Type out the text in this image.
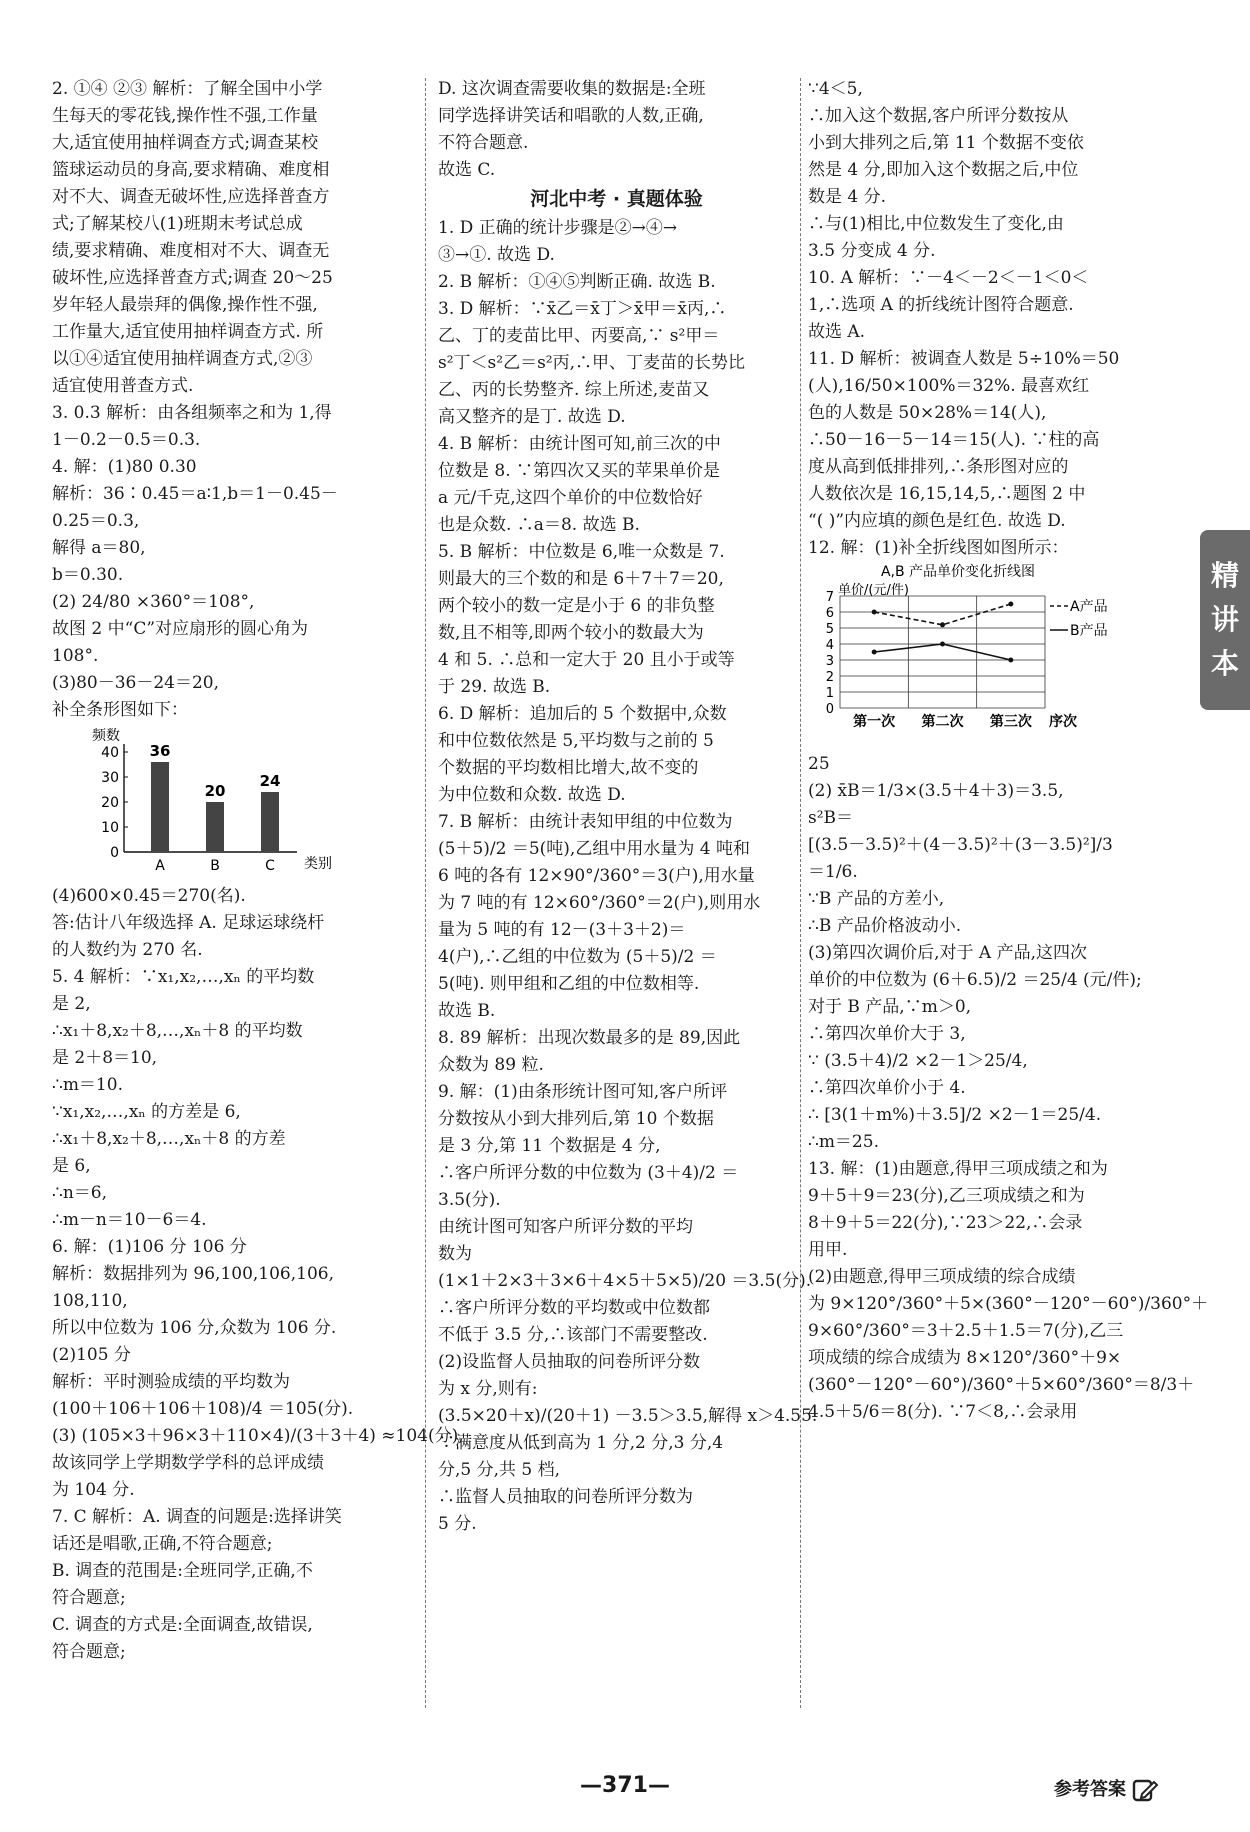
2. ①④ ②③ 解析：了解全国中小学

生每天的零花钱,操作性不强,工作量

大,适宜使用抽样调查方式;调查某校

篮球运动员的身高,要求精确、难度相

对不大、调查无破坏性,应选择普查方

式;了解某校八(1)班期末考试总成

绩,要求精确、难度相对不大、调查无

破坏性,应选择普查方式;调查 20～25

岁年轻人最崇拜的偶像,操作性不强,

工作量大,适宜使用抽样调查方式. 所

以①④适宜使用抽样调查方式,②③

适宜使用普查方式.

3. 0.3 解析：由各组频率之和为 1,得

1－0.2－0.5＝0.3.

4. 解：(1)80 0.30

解析：36∶0.45＝a∶1,b＝1－0.45－

0.25＝0.3,

解得 a＝80,

b＝0.30.

(2) 24/80 ×360°＝108°,

故图 2 中“C”对应扇形的圆心角为

108°.

(3)80－36－24＝20,

补全条形图如下：

频数
0
10
20
30
40 36
A
20
B
24
C 类别

(4)600×0.45＝270(名).

答:估计八年级选择 A. 足球运球绕杆

的人数约为 270 名.

5. 4 解析：∵x₁,x₂,…,xₙ 的平均数

是 2,

∴x₁＋8,x₂＋8,…,xₙ＋8 的平均数

是 2＋8＝10,

∴m＝10.

∵x₁,x₂,…,xₙ 的方差是 6,

∴x₁＋8,x₂＋8,…,xₙ＋8 的方差

是 6,

∴n＝6,

∴m－n＝10－6＝4.

6. 解：(1)106 分 106 分

解析：数据排列为 96,100,106,106,

108,110,

所以中位数为 106 分,众数为 106 分.

(2)105 分

解析：平时测验成绩的平均数为

(100＋106＋106＋108)/4 ＝105(分).

(3) (105×3＋96×3＋110×4)/(3＋3＋4) ≈104(分),

故该同学上学期数学学科的总评成绩

为 104 分.

7. C 解析：A. 调查的问题是:选择讲笑

话还是唱歌,正确,不符合题意;

B. 调查的范围是:全班同学,正确,不

符合题意;

C. 调查的方式是:全面调查,故错误,

符合题意;

D. 这次调查需要收集的数据是:全班

同学选择讲笑话和唱歌的人数,正确,

不符合题意.

故选 C.

河北中考 · 真题体验

1. D 正确的统计步骤是②→④→

③→①. 故选 D.

2. B 解析：①④⑤判断正确. 故选 B.

3. D 解析：∵x̄乙＝x̄丁＞x̄甲＝x̄丙,∴

乙、丁的麦苗比甲、丙要高,∵ s²甲＝

s²丁＜s²乙＝s²丙,∴甲、丁麦苗的长势比

乙、丙的长势整齐. 综上所述,麦苗又

高又整齐的是丁. 故选 D.

4. B 解析：由统计图可知,前三次的中

位数是 8. ∵第四次又买的苹果单价是

a 元/千克,这四个单价的中位数恰好

也是众数. ∴a＝8. 故选 B.

5. B 解析：中位数是 6,唯一众数是 7.

则最大的三个数的和是 6＋7＋7＝20,

两个较小的数一定是小于 6 的非负整

数,且不相等,即两个较小的数最大为

4 和 5. ∴总和一定大于 20 且小于或等

于 29. 故选 B.

6. D 解析：追加后的 5 个数据中,众数

和中位数依然是 5,平均数与之前的 5

个数据的平均数相比增大,故不变的

为中位数和众数. 故选 D.

7. B 解析：由统计表知甲组的中位数为

(5＋5)/2 ＝5(吨),乙组中用水量为 4 吨和

6 吨的各有 12×90°/360°＝3(户),用水量

为 7 吨的有 12×60°/360°＝2(户),则用水

量为 5 吨的有 12－(3＋3＋2)＝

4(户),∴乙组的中位数为 (5＋5)/2 ＝

5(吨). 则甲组和乙组的中位数相等.

故选 B.

8. 89 解析：出现次数最多的是 89,因此

众数为 89 粒.

9. 解：(1)由条形统计图可知,客户所评

分数按从小到大排列后,第 10 个数据

是 3 分,第 11 个数据是 4 分,

∴客户所评分数的中位数为 (3＋4)/2 ＝

3.5(分).

由统计图可知客户所评分数的平均

数为

(1×1＋2×3＋3×6＋4×5＋5×5)/20 ＝3.5(分).

∴客户所评分数的平均数或中位数都

不低于 3.5 分,∴该部门不需要整改.

(2)设监督人员抽取的问卷所评分数

为 x 分,则有:

(3.5×20＋x)/(20＋1) －3.5＞3.5,解得 x＞4.55.

∵满意度从低到高为 1 分,2 分,3 分,4

分,5 分,共 5 档,

∴监督人员抽取的问卷所评分数为

5 分.

∵4＜5,

∴加入这个数据,客户所评分数按从

小到大排列之后,第 11 个数据不变依

然是 4 分,即加入这个数据之后,中位

数是 4 分.

∴与(1)相比,中位数发生了变化,由

3.5 分变成 4 分.

10. A 解析：∵－4＜－2＜－1＜0＜

1,∴选项 A 的折线统计图符合题意.

故选 A.

11. D 解析：被调查人数是 5÷10%＝50

(人),16/50×100%＝32%. 最喜欢红

色的人数是 50×28%＝14(人),

∴50－16－5－14＝15(人). ∵柱的高

度从高到低排排列,∴条形图对应的

人数依次是 16,15,14,5,∴题图 2 中

“( )”内应填的颜色是红色. 故选 D.

12. 解：(1)补全折线图如图所示：

A,B 产品单价变化折线图
单价/(元/件)
0
1
2
3
4
5
6
7
A产品
B产品
第一次 第二次 第三次 序次

25

(2) x̄B＝1/3×(3.5＋4＋3)＝3.5,

s²B＝

[(3.5－3.5)²＋(4－3.5)²＋(3－3.5)²]/3

＝1/6.

∵B 产品的方差小,

∴B 产品价格波动小.

(3)第四次调价后,对于 A 产品,这四次

单价的中位数为 (6＋6.5)/2 ＝25/4 (元/件);

对于 B 产品,∵m＞0,

∴第四次单价大于 3,

∵ (3.5＋4)/2 ×2－1＞25/4,

∴第四次单价小于 4.

∴ [3(1＋m%)＋3.5]/2 ×2－1＝25/4.

∴m＝25.

13. 解：(1)由题意,得甲三项成绩之和为

9＋5＋9＝23(分),乙三项成绩之和为

8＋9＋5＝22(分),∵23＞22,∴会录

用甲.

(2)由题意,得甲三项成绩的综合成绩

为 9×120°/360°＋5×(360°－120°－60°)/360°＋

9×60°/360°＝3＋2.5＋1.5＝7(分),乙三

项成绩的综合成绩为 8×120°/360°＋9×

(360°－120°－60°)/360°＋5×60°/360°＝8/3＋

4.5＋5/6＝8(分). ∵7＜8,∴会录用

精
讲
本
—371—	参考答案
